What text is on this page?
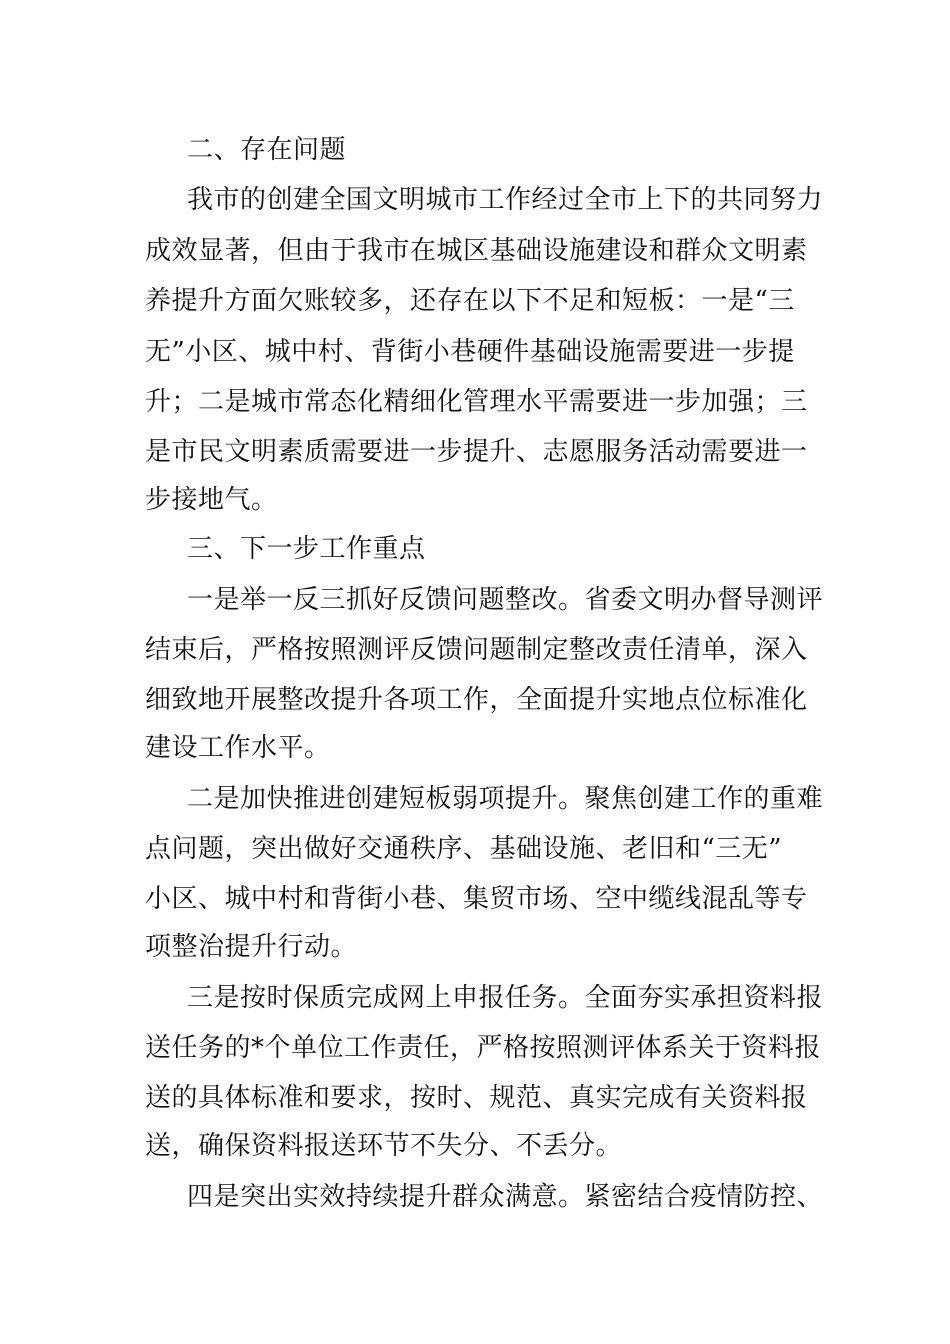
二、存在问题
我市的创建全国文明城市工作经过全市上下的共同努力
成效显著，但由于我市在城区基础设施建设和群众文明素
养提升方面欠账较多，还存在以下不足和短板：一是“三
无”小区、城中村、背街小巷硬件基础设施需要进一步提
升；二是城市常态化精细化管理水平需要进一步加强；三
是市民文明素质需要进一步提升、志愿服务活动需要进一
步接地气。
三、下一步工作重点
一是举一反三抓好反馈问题整改。省委文明办督导测评
结束后，严格按照测评反馈问题制定整改责任清单，深入
细致地开展整改提升各项工作，全面提升实地点位标准化
建设工作水平。
二是加快推进创建短板弱项提升。聚焦创建工作的重难
点问题，突出做好交通秩序、基础设施、老旧和“三无”
小区、城中村和背街小巷、集贸市场、空中缆线混乱等专
项整治提升行动。
三是按时保质完成网上申报任务。全面夯实承担资料报
送任务的*个单位工作责任，严格按照测评体系关于资料报
送的具体标准和要求，按时、规范、真实完成有关资料报
送，确保资料报送环节不失分、不丢分。
四是突出实效持续提升群众满意。紧密结合疫情防控、
